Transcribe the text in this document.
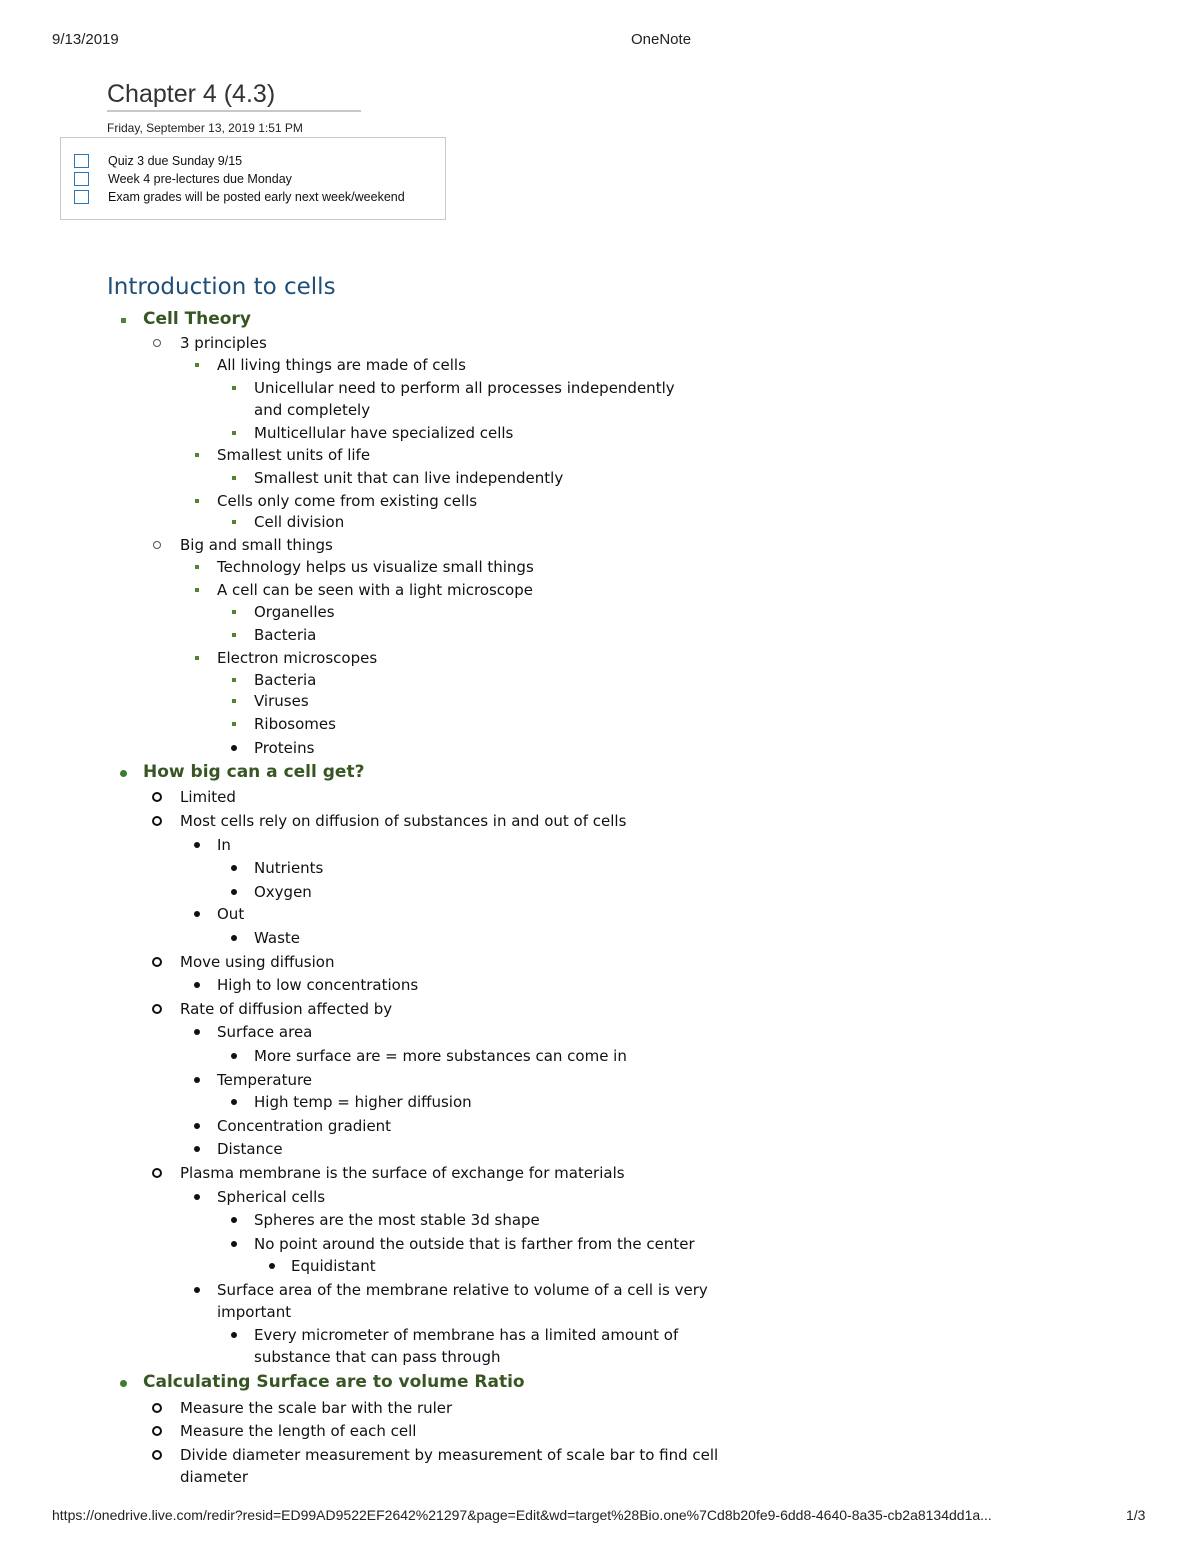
9/13/2019	OneNote
Chapter 4 (4.3)
Friday, September 13, 2019 1:51 PM
Quiz 3 due Sunday 9/15
Week 4 pre-lectures due Monday
Exam grades will be posted early next week/weekend
Introduction to cells
Cell Theory
3 principles
All living things are made of cells
Unicellular need to perform all processes independently and completely
Multicellular have specialized cells
Smallest units of life
Smallest unit that can live independently
Cells only come from existing cells
Cell division
Big and small things
Technology helps us visualize small things
A cell can be seen with a light microscope
Organelles
Bacteria
Electron microscopes
Bacteria
Viruses
Ribosomes
Proteins
How big can a cell get?
Limited
Most cells rely on diffusion of substances in and out of cells
In
Nutrients
Oxygen
Out
Waste
Move using diffusion
High to low concentrations
Rate of diffusion affected by
Surface area
More surface are = more substances can come in
Temperature
High temp = higher diffusion
Concentration gradient
Distance
Plasma membrane is the surface of exchange for materials
Spherical cells
Spheres are the most stable 3d shape
No point around the outside that is farther from the center
Equidistant
Surface area of the membrane relative to volume of a cell is very important
Every micrometer of membrane has a limited amount of substance that can pass through
Calculating Surface are to volume Ratio
Measure the scale bar with the ruler
Measure the length of each cell
Divide diameter measurement by measurement of scale bar to find cell diameter
https://onedrive.live.com/redir?resid=ED99AD9522EF2642%21297&page=Edit&wd=target%28Bio.one%7Cd8b20fe9-6dd8-4640-8a35-cb2a8134dd1a...	1/3
